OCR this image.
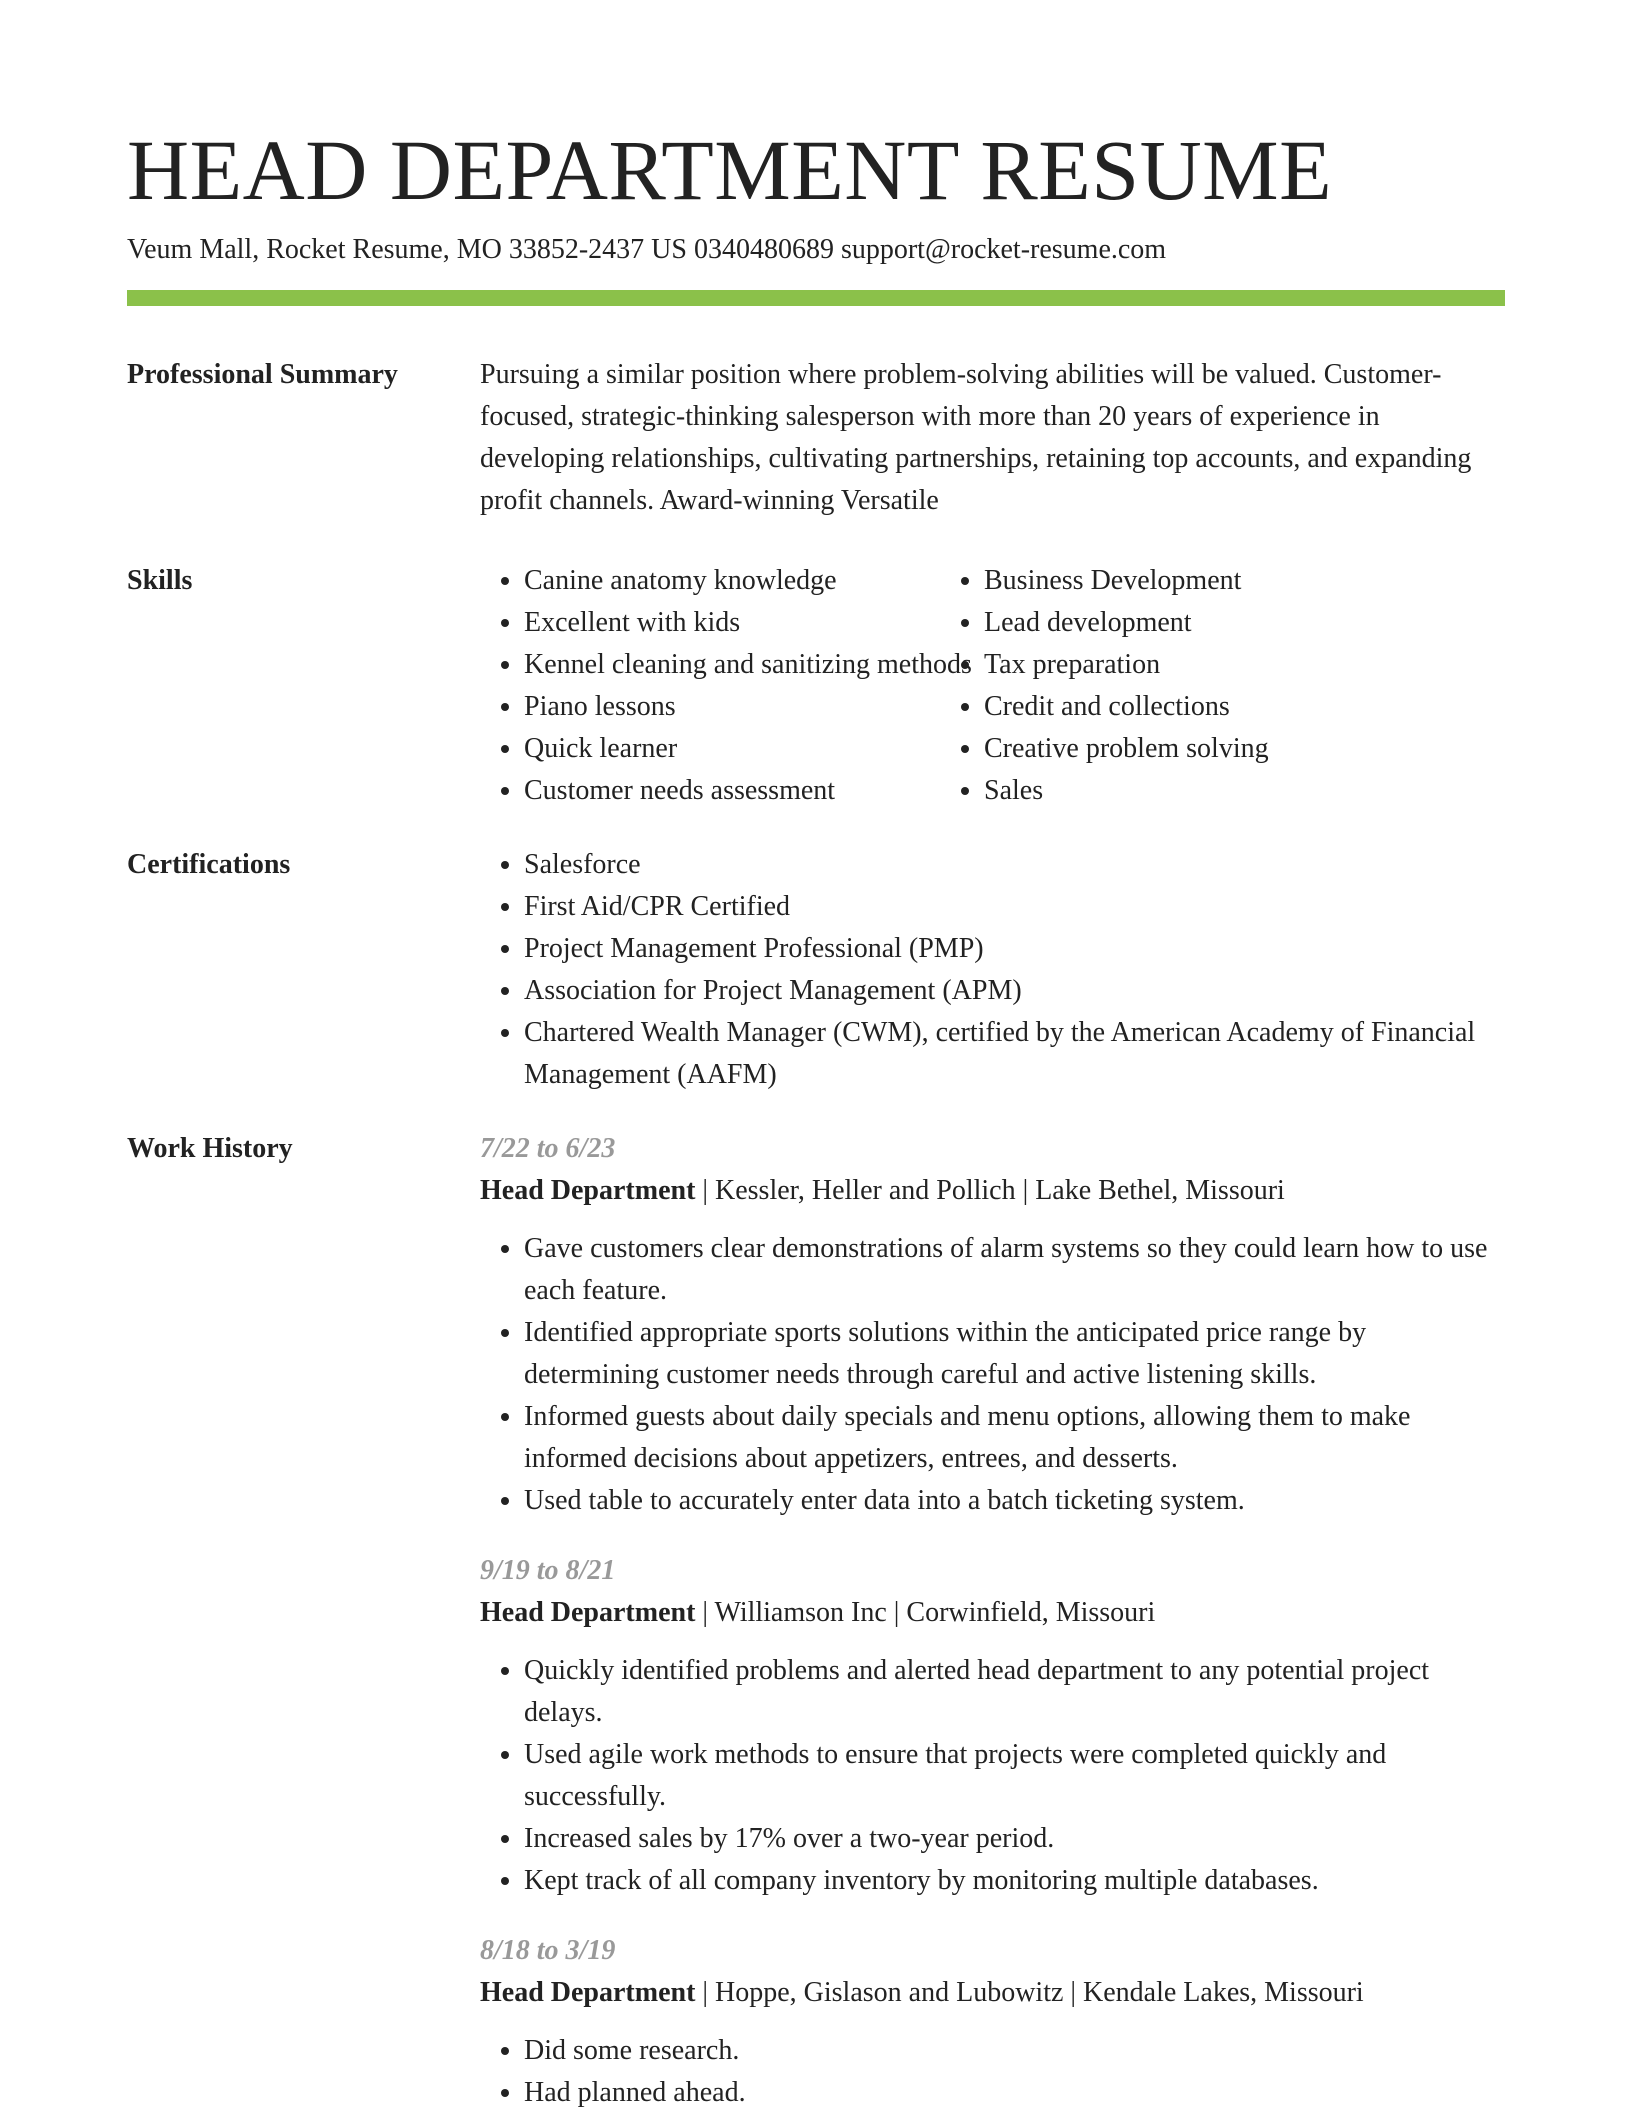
HEAD DEPARTMENT RESUME
Veum Mall, Rocket Resume, MO 33852-2437 US 0340480689 support@rocket-resume.com
Professional Summary	Pursuing a similar position where problem-solving abilities will be valued. Customer-focused, strategic-thinking salesperson with more than 20 years of experience in developing relationships, cultivating partnerships, retaining top accounts, and expanding profit channels. Award-winning Versatile
Skills	• Canine anatomy knowledge
• Excellent with kids
• Kennel cleaning and sanitizing methods
• Piano lessons
• Quick learner
• Customer needs assessment
• Business Development
• Lead development
• Tax preparation
• Credit and collections
• Creative problem solving
• Sales
Certifications	• Salesforce
• First Aid/CPR Certified
• Project Management Professional (PMP)
• Association for Project Management (APM)
• Chartered Wealth Manager (CWM), certified by the American Academy of Financial Management (AAFM)
Work History	7/22 to 6/23
Head Department | Kessler, Heller and Pollich | Lake Bethel, Missouri
• Gave customers clear demonstrations of alarm systems so they could learn how to use each feature.
• Identified appropriate sports solutions within the anticipated price range by determining customer needs through careful and active listening skills.
• Informed guests about daily specials and menu options, allowing them to make informed decisions about appetizers, entrees, and desserts.
• Used table to accurately enter data into a batch ticketing system.
9/19 to 8/21
Head Department | Williamson Inc | Corwinfield, Missouri
• Quickly identified problems and alerted head department to any potential project delays.
• Used agile work methods to ensure that projects were completed quickly and successfully.
• Increased sales by 17% over a two-year period.
• Kept track of all company inventory by monitoring multiple databases.
8/18 to 3/19
Head Department | Hoppe, Gislason and Lubowitz | Kendale Lakes, Missouri
• Did some research.
• Had planned ahead.
